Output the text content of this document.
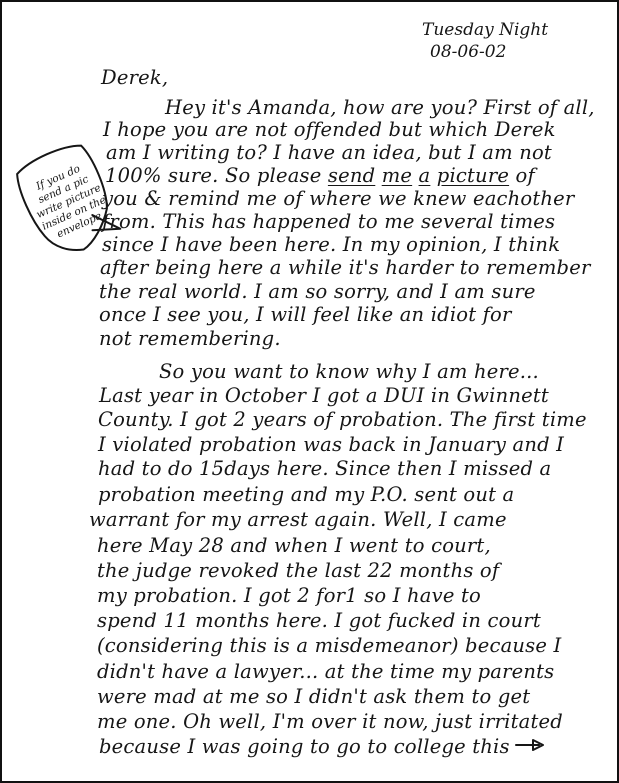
Tuesday Night
08-06-02
Derek,
If you do send a pic write picture inside on the envelope
Hey it's Amanda, how are you? First of all,
I hope you are not offended but which Derek
am I writing to? I have an idea, but I am not
100% sure. So please send me a picture of
you & remind me of where we knew eachother
from. This has happened to me several times
since I have been here. In my opinion, I think
after being here a while it's harder to remember
the real world. I am so sorry, and I am sure
once I see you, I will feel like an idiot for
not remembering.
So you want to know why I am here...
Last year in October I got a DUI in Gwinnett
County. I got 2 years of probation. The first time
I violated probation was back in January and I
had to do 15days here. Since then I missed a
probation meeting and my P.O. sent out a
warrant for my arrest again. Well, I came
here May 28 and when I went to court,
the judge revoked the last 22 months of
my probation. I got 2 for1 so I have to
spend 11 months here. I got fucked in court
(considering this is a misdemeanor) because I
didn't have a lawyer... at the time my parents
were mad at me so I didn't ask them to get
me one. Oh well, I'm over it now, just irritated
because I was going to go to college this
